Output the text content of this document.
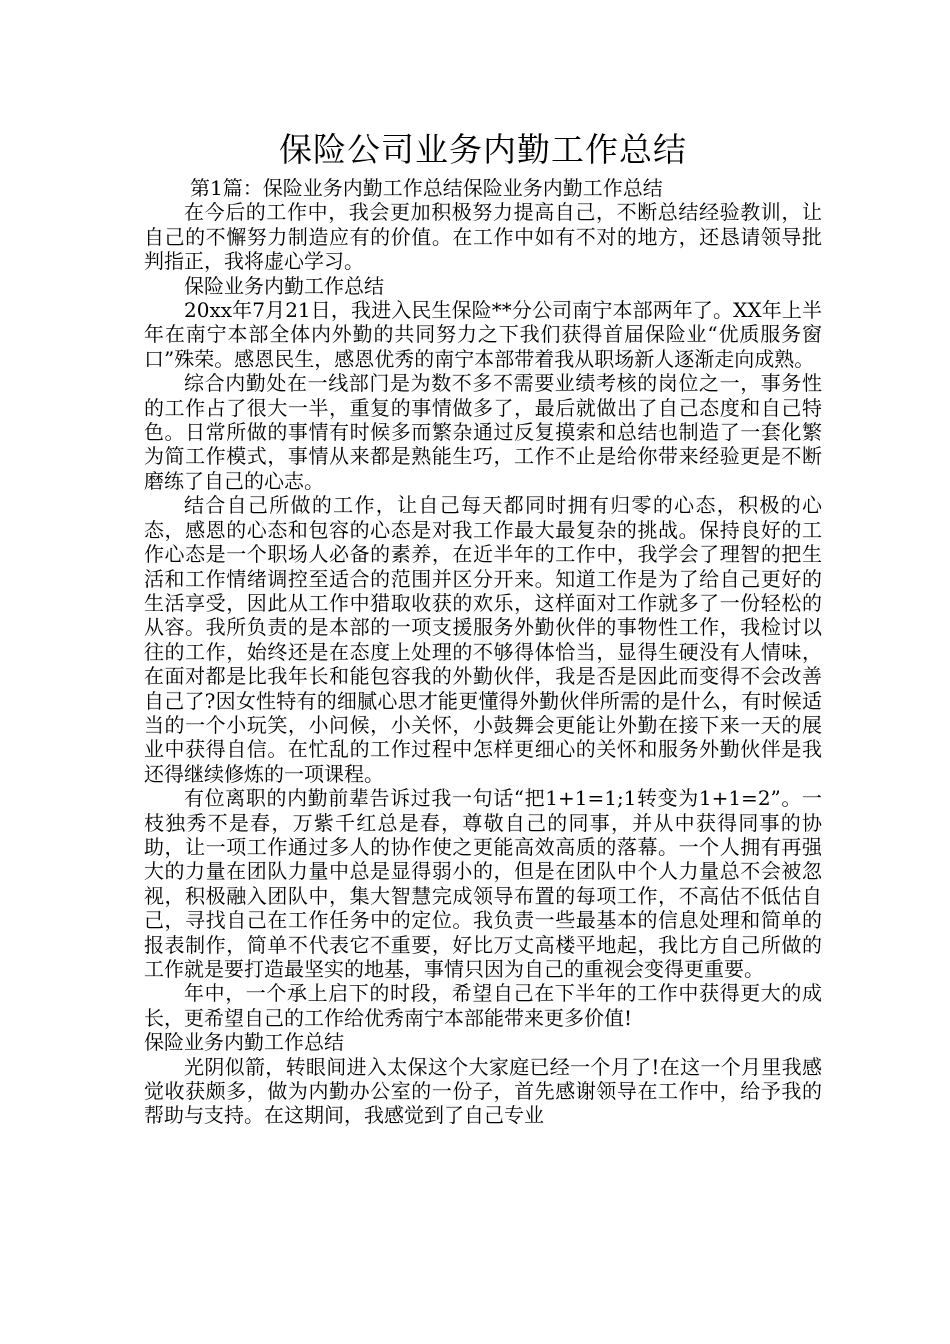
保险公司业务内勤工作总结

第1篇：保险业务内勤工作总结保险业务内勤工作总结

在今后的工作中，我会更加积极努力提高自己，不断总结经验教训，让自己的不懈努力制造应有的价值。在工作中如有不对的地方，还恳请领导批判指正，我将虚心学习。

保险业务内勤工作总结

20xx年7月21日，我进入民生保险**分公司南宁本部两年了。XX年上半年在南宁本部全体内外勤的共同努力之下我们获得首届保险业“优质服务窗口”殊荣。感恩民生，感恩优秀的南宁本部带着我从职场新人逐渐走向成熟。

综合内勤处在一线部门是为数不多不需要业绩考核的岗位之一，事务性的工作占了很大一半，重复的事情做多了，最后就做出了自己态度和自己特色。日常所做的事情有时候多而繁杂通过反复摸索和总结也制造了一套化繁为简工作模式，事情从来都是熟能生巧，工作不止是给你带来经验更是不断磨练了自己的心志。

结合自己所做的工作，让自己每天都同时拥有归零的心态，积极的心态，感恩的心态和包容的心态是对我工作最大最复杂的挑战。保持良好的工作心态是一个职场人必备的素养，在近半年的工作中，我学会了理智的把生活和工作情绪调控至适合的范围并区分开来。知道工作是为了给自己更好的生活享受，因此从工作中猎取收获的欢乐，这样面对工作就多了一份轻松的从容。我所负责的是本部的一项支援服务外勤伙伴的事物性工作，我检讨以往的工作，始终还是在态度上处理的不够得体恰当，显得生硬没有人情味，在面对都是比我年长和能包容我的外勤伙伴，我是否是因此而变得不会改善自己了?因女性特有的细腻心思才能更懂得外勤伙伴所需的是什么，有时候适当的一个小玩笑，小问候，小关怀，小鼓舞会更能让外勤在接下来一天的展业中获得自信。在忙乱的工作过程中怎样更细心的关怀和服务外勤伙伴是我还得继续修炼的一项课程。

有位离职的内勤前辈告诉过我一句话“把1+1=1;1转变为1+1=2”。一枝独秀不是春，万紫千红总是春，尊敬自己的同事，并从中获得同事的协助，让一项工作通过多人的协作使之更能高效高质的落幕。一个人拥有再强大的力量在团队力量中总是显得弱小的，但是在团队中个人力量总不会被忽视，积极融入团队中，集大智慧完成领导布置的每项工作，不高估不低估自己，寻找自己在工作任务中的定位。我负责一些最基本的信息处理和简单的报表制作，简单不代表它不重要，好比万丈高楼平地起，我比方自己所做的工作就是要打造最坚实的地基，事情只因为自己的重视会变得更重要。

年中，一个承上启下的时段，希望自己在下半年的工作中获得更大的成长，更希望自己的工作给优秀南宁本部能带来更多价值!

保险业务内勤工作总结

光阴似箭，转眼间进入太保这个大家庭已经一个月了!在这一个月里我感觉收获颇多，做为内勤办公室的一份子，首先感谢领导在工作中，给予我的帮助与支持。在这期间，我感觉到了自己专业
